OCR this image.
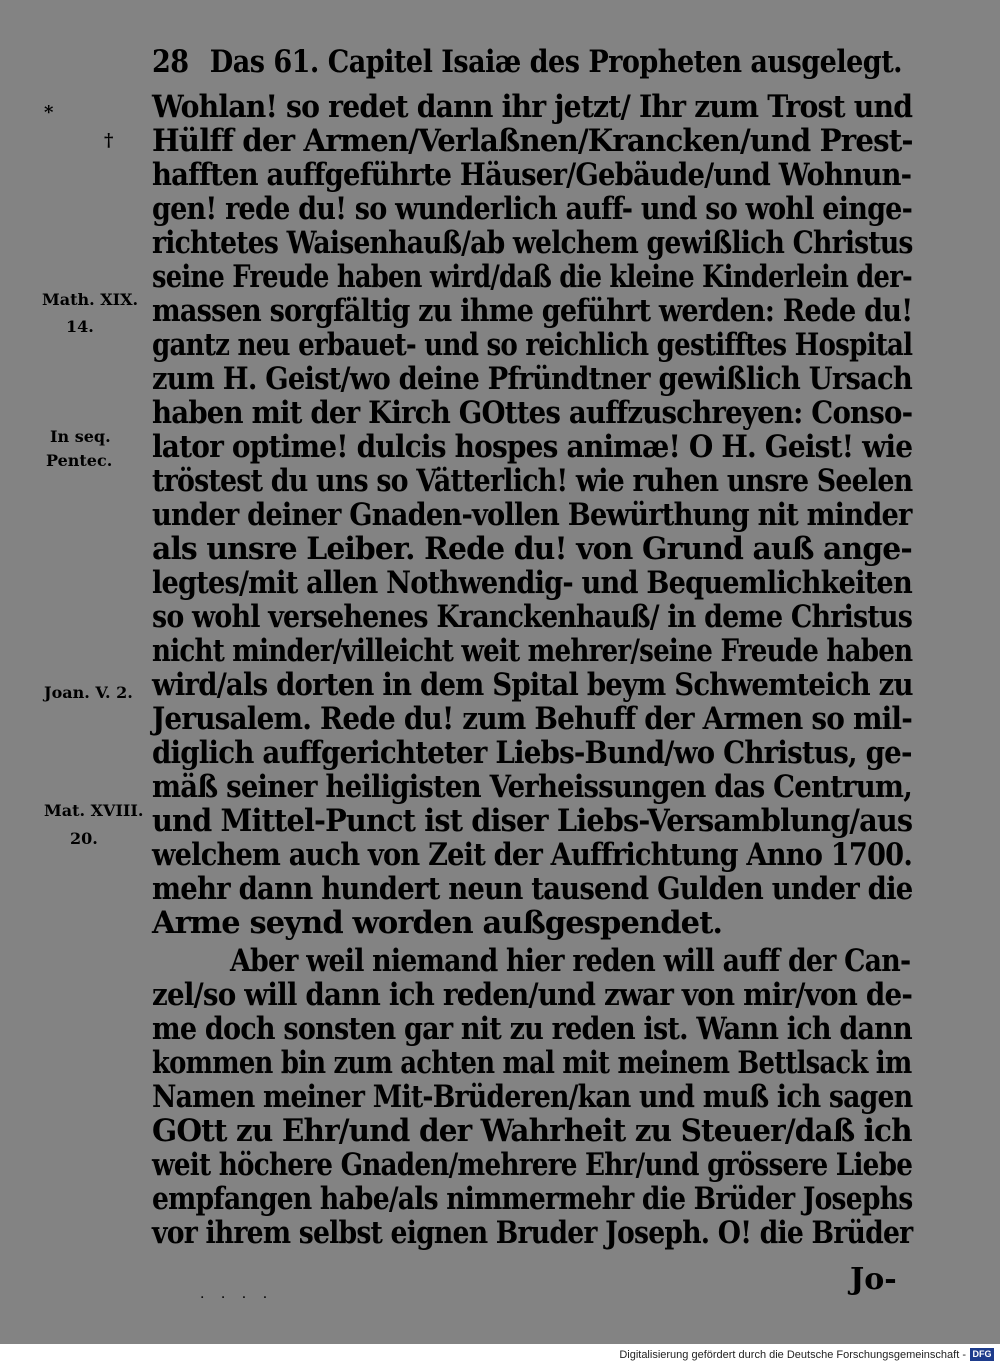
28 Das 61. Capitel Isaiæ des Propheten ausgelegt.
*
†
Math. XIX.
14.
In seq.
Pentec.
Joan. V. 2.
Mat. XVIII.
20.
Wohlan! so redet dann ihr jetzt/ Ihr zum Trost und
Hülff der Armen/Verlaßnen/Krancken/und Prest-
hafften auffgeführte Häuser/Gebäude/und Wohnun-
gen! rede du! so wunderlich auff- und so wohl einge-
richtetes Waisenhauß/ab welchem gewißlich Christus
seine Freude haben wird/daß die kleine Kinderlein der-
massen sorgfältig zu ihme geführt werden: Rede du!
gantz neu erbauet- und so reichlich gestifftes Hospital
zum H. Geist/wo deine Pfründtner gewißlich Ursach
haben mit der Kirch GOttes auffzuschreyen: Conso-
lator optime! dulcis hospes animæ! O H. Geist! wie
tröstest du uns so Vätterlich! wie ruhen unsre Seelen
under deiner Gnaden-vollen Bewürthung nit minder
als unsre Leiber. Rede du! von Grund auß ange-
legtes/mit allen Nothwendig- und Bequemlichkeiten
so wohl versehenes Kranckenhauß/ in deme Christus
nicht minder/villeicht weit mehrer/seine Freude haben
wird/als dorten in dem Spital beym Schwemteich zu
Jerusalem. Rede du! zum Behuff der Armen so mil-
diglich auffgerichteter Liebs-Bund/wo Christus, ge-
mäß seiner heiligisten Verheissungen das Centrum,
und Mittel-Punct ist diser Liebs-Versamblung/aus
welchem auch von Zeit der Auffrichtung Anno 1700.
mehr dann hundert neun tausend Gulden under die
Arme seynd worden außgespendet.
Aber weil niemand hier reden will auff der Can-
zel/so will dann ich reden/und zwar von mir/von de-
me doch sonsten gar nit zu reden ist. Wann ich dann
kommen bin zum achten mal mit meinem Bettlsack im
Namen meiner Mit-Brüderen/kan und muß ich sagen
GOtt zu Ehr/und der Wahrheit zu Steuer/daß ich
weit höchere Gnaden/mehrere Ehr/und grössere Liebe
empfangen habe/als nimmermehr die Brüder Josephs
vor ihrem selbst eignen Bruder Joseph. O! die Brüder
Jo-
· · · ·
Digitalisierung gefördert durch die Deutsche Forschungsgemeinschaft - DFG
